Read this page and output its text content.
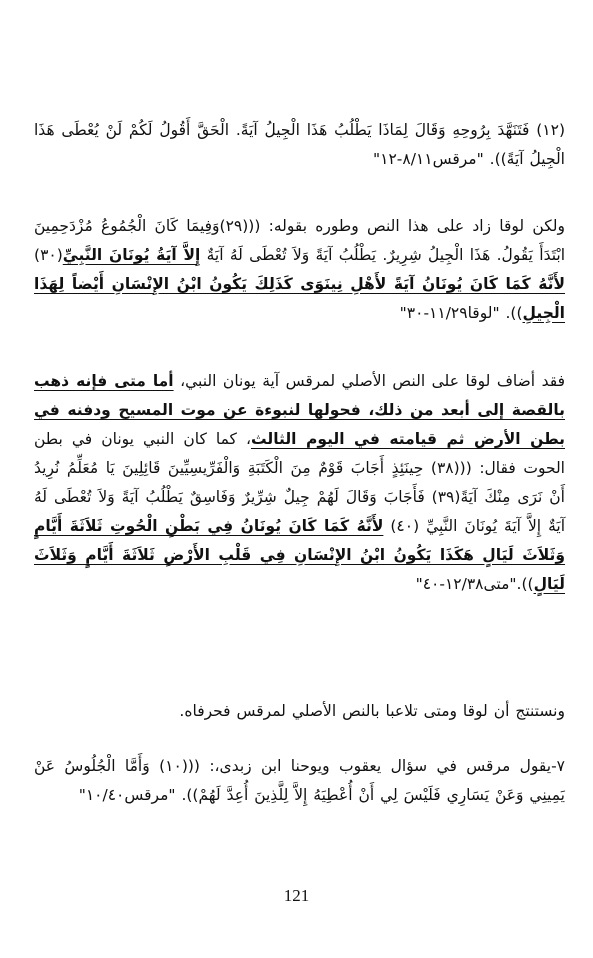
(١٢) فَتَنَهَّدَ بِرُوحِهِ وَقَالَ لِمَاذَا يَطْلُبُ هَذَا الْجِيلُ آيَةً. الْحَقَّ أَقُولُ لَكُمْ لَنْ يُعْطَى هَذَا الْجِيلُ آيَةً)). "مرقس٨/١١-١٢"

ولكن لوقا زاد على هذا النص وطوره بقوله: (((٢٩)وَفِيمَا كَانَ الْجُمُوعُ مُزْدَحِمِينَ ابْتَدَأَ يَقُولُ. هَذَا الْجِيلُ شِرِيرٌ. يَطْلُبُ آيَةً وَلاَ تُعْطَى لَهُ آيَةٌ إِلاَّ آيَةُ يُونَانَ النَّبِيِّ(٣٠) لأَنَّهُ كَمَا كَانَ يُونَانُ آيَةً لأَهْلِ نِينَوَى كَذَلِكَ يَكُونُ ابْنُ الإِنْسَانِ أَيْضاً لِهَذَا الْجِيلِ)). "لوقا١١/٢٩-٣٠"

فقد أضاف لوقا على النص الأصلي لمرقس آية يونان النبي، أما متى فإنه ذهب بالقصة إلى أبعد من ذلك، فحولها لنبوءة عن موت المسيح ودفنه في بطن الأرض ثم قيامته في اليوم الثالث، كما كان النبي يونان في بطن الحوت فقال: (((٣٨) حِينَئِذٍ أَجَابَ قَوْمٌ مِنَ الْكَتَبَةِ وَالْفَرِّيسِيِّينَ قَائِلِينَ يَا مُعَلِّمُ نُرِيدُ أَنْ نَرَى مِنْكَ آيَةً(٣٩) فَأَجَابَ وَقَالَ لَهُمْ جِيلٌ شِرِّيرٌ وَفَاسِقٌ يَطْلُبُ آيَةً وَلاَ تُعْطَى لَهُ آيَةٌ إِلاَّ آيَةَ يُونَانَ النَّبِيِّ (٤٠) لأَنَّهُ كَمَا كَانَ يُونَانُ فِي بَطْنِ الْحُوتِ ثَلاَثَةَ أَيَّامٍ وَثَلاَثَ لَيَالٍ هَكَذَا يَكُونُ ابْنُ الإِنْسَانِ فِي قَلْبِ الأَرْضِ ثَلاَثَةَ أَيَّامٍ وَثَلاَثَ لَيَالٍ))."متى١٢/٣٨-٤٠"

ونستنتج أن لوقا ومتى تلاعبا بالنص الأصلي لمرقس فحرفاه.

٧-يقول مرقس في سؤال يعقوب ويوحنا ابن زبدى،: (((١٠) وَأَمَّا الْجُلُوسُ عَنْ يَمِينِي وَعَنْ يَسَارِي فَلَيْسَ لِي أَنْ أُعْطِيَهُ إِلاَّ لِلَّذِينَ أُعِدَّ لَهُمْ)). "مرقس١٠/٤٠"

121
